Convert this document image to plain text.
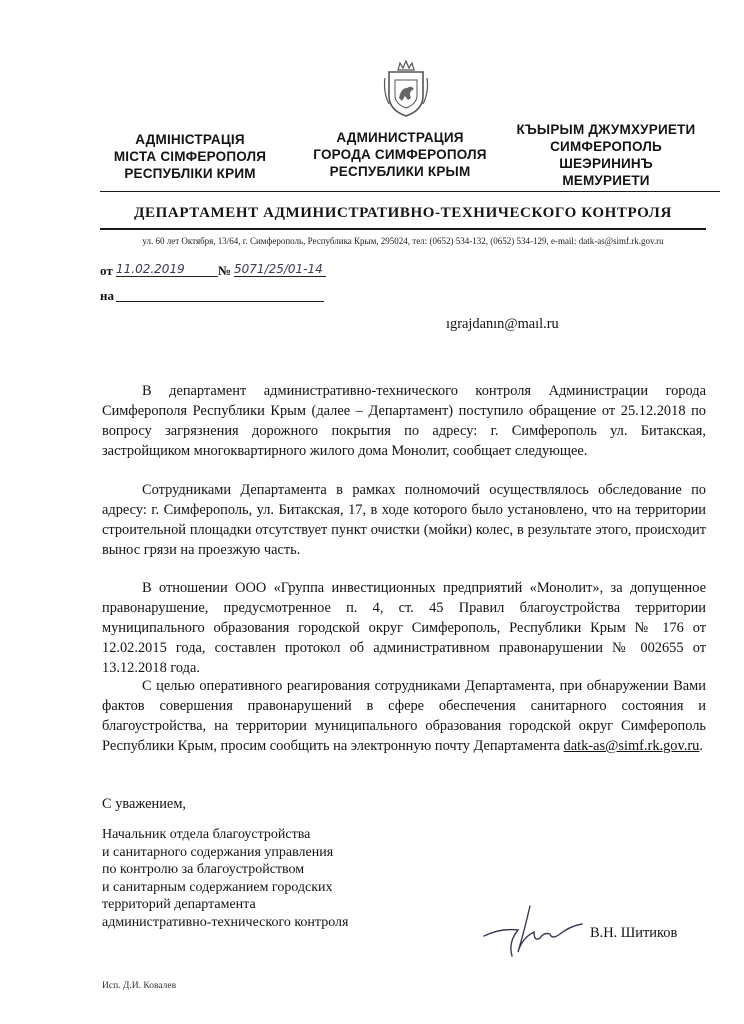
АДМІНІСТРАЦІЯ
МІСТА СІМФЕРОПОЛЯ
РЕСПУБЛІКИ КРИМ
АДМИНИСТРАЦИЯ
ГОРОДА СИМФЕРОПОЛЯ
РЕСПУБЛИКИ КРЫМ
КЪЫРЫМ ДЖУМХУРИЕТИ
СИМФЕРОПОЛЬ
ШЕЭРИНИНЪ
МЕМУРИЕТИ
ДЕПАРТАМЕНТ АДМИНИСТРАТИВНО-ТЕХНИЧЕСКОГО КОНТРОЛЯ
ул. 60 лет Октября, 13/64, г. Симферополь, Республика Крым, 295024, тел: (0652) 534-132, (0652) 534-129, e-mail: datk-as@simf.rk.gov.ru
от 11.02.2019	№ 5071/25/01-14
на
ıgrajdanın@maıl.ru
В департамент административно-технического контроля Администрации города Симферополя Республики Крым (далее – Департамент) поступило обращение от 25.12.2018 по вопросу загрязнения дорожного покрытия по адресу: г. Симферополь ул. Битакская, застройщиком многоквартирного жилого дома Монолит, сообщает следующее.
Сотрудниками Департамента в рамках полномочий осуществлялось обследование по адресу: г. Симферополь, ул. Битакская, 17, в ходе которого было установлено, что на территории строительной площадки отсутствует пункт очистки (мойки) колес, в результате этого, происходит вынос грязи на проезжую часть.
В отношении ООО «Группа инвестиционных предприятий «Монолит», за допущенное правонарушение, предусмотренное п. 4, ст. 45 Правил благоустройства территории муниципального образования городской округ Симферополь, Республики Крым № 176 от 12.02.2015 года, составлен протокол об административном правонарушении № 002655 от 13.12.2018 года.
С целью оперативного реагирования сотрудниками Департамента, при обнаружении Вами фактов совершения правонарушений в сфере обеспечения санитарного состояния и благоустройства, на территории муниципального образования городской округ Симферополь Республики Крым, просим сообщить на электронную почту Департамента datk-as@simf.rk.gov.ru.
С уважением,
Начальник отдела благоустройства
и санитарного содержания управления
по контролю за благоустройством
и санитарным содержанием городских
территорий департамента
административно-технического контроля
В.Н. Шитиков
Исп. Д.И. Ковалев
